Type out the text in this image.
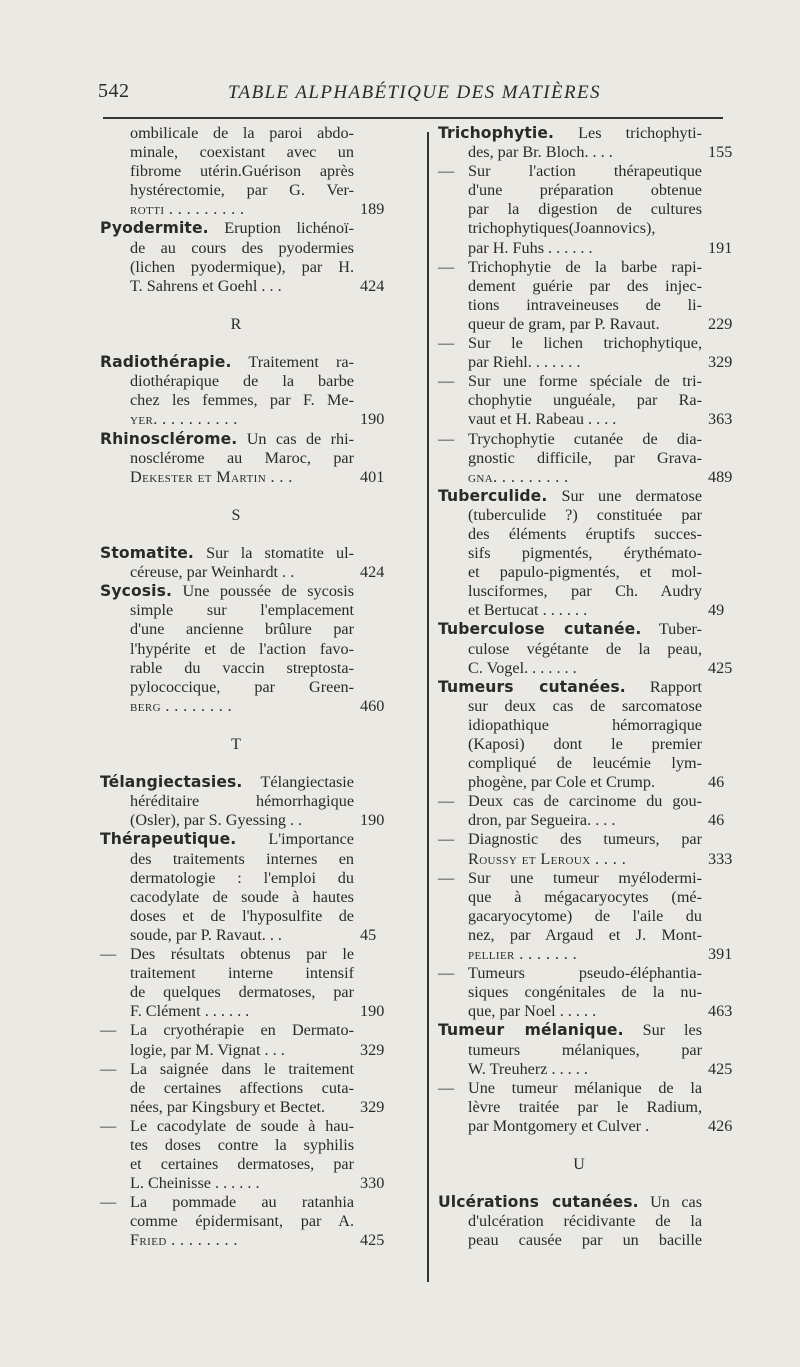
542	TABLE ALPHABÉTIQUE DES MATIÈRES
ombilicale de la paroi abdo-
minale, coexistant avec un
fibrome utérin.Guérison après
hystérectomie, par G. Ver-
rotti . . . . . . . . .	189
Pyodermite. Eruption lichénoï-
de au cours des pyodermies
(lichen pyodermique), par H.
T. Sahrens et Goehl . . .	424
R
Radiothérapie. Traitement ra-
diothérapique de la barbe
chez les femmes, par F. Me-
yer. . . . . . . . . .	190
Rhinosclérome. Un cas de rhi-
nosclérome au Maroc, par
Dekester et Martin . . .	401
S
Stomatite. Sur la stomatite ul-
céreuse, par Weinhardt . .	424
Sycosis. Une poussée de sycosis
simple sur l'emplacement
d'une ancienne brûlure par
l'hypérite et de l'action favo-
rable du vaccin streptosta-
pylococcique, par Green-
berg . . . . . . . .	460
T
Télangiectasies. Télangiectasie
héréditaire hémorrhagique
(Osler), par S. Gyessing . .	190
Thérapeutique. L'importance
des traitements internes en
dermatologie : l'emploi du
cacodylate de soude à hautes
doses et de l'hyposulfite de
soude, par P. Ravaut. . .	45
— Des résultats obtenus par le
traitement interne intensif
de quelques dermatoses, par
F. Clément . . . . . .	190
— La cryothérapie en Dermato-
logie, par M. Vignat . . .	329
— La saignée dans le traitement
de certaines affections cuta-
nées, par Kingsbury et Bectet. 329
— Le cacodylate de soude à hau-
tes doses contre la syphilis
et certaines dermatoses, par
L. Cheinisse . . . . . .	330
— La pommade au ratanhia
comme épidermisant, par A.
Fried . . . . . . . .	425
Trichophytie. Les trichophyti-
des, par Br. Bloch. . . .	155
— Sur l'action thérapeutique
d'une préparation obtenue
par la digestion de cultures
trichophytiques(Joannovics),
par H. Fuhs . . . . . .	191
— Trichophytie de la barbe rapi-
dement guérie par des injec-
tions intraveineuses de li-
queur de gram, par P. Ravaut.	229
— Sur le lichen trichophytique,
par Riehl. . . . . . .	329
— Sur une forme spéciale de tri-
chophytie unguéale, par Ra-
vaut et H. Rabeau . . . .	363
— Trychophytie cutanée de dia-
gnostic difficile, par Grava-
gna. . . . . . . . .	489
Tuberculide. Sur une dermatose
(tuberculide ?) constituée par
des éléments éruptifs succes-
sifs pigmentés, érythémato-
et papulo-pigmentés, et mol-
lusciformes, par Ch. Audry
et Bertucat . . . . . .	49
Tuberculose cutanée. Tuber-
culose végétante de la peau,
C. Vogel. . . . . . .	425
Tumeurs cutanées. Rapport
sur deux cas de sarcomatose
idiopathique hémorragique
(Kaposi) dont le premier
compliqué de leucémie lym-
phogène, par Cole et Crump.	46
— Deux cas de carcinome du gou-
dron, par Segueira. . . .	46
— Diagnostic des tumeurs, par
Roussy et Leroux . . . .	333
— Sur une tumeur myélodermi-
que à mégacaryocytes (mé-
gacaryocytome) de l'aile du
nez, par Argaud et J. Mont-
pellier . . . . . . .	391
— Tumeurs pseudo-éléphantia-
siques congénitales de la nu-
que, par Noel . . . . .	463
Tumeur mélanique. Sur les
tumeurs mélaniques, par
W. Treuherz . . . . .	425
— Une tumeur mélanique de la
lèvre traitée par le Radium,
par Montgomery et Culver .	426
U
Ulcérations cutanées. Un cas
d'ulcération récidivante de la
peau causée par un bacille
